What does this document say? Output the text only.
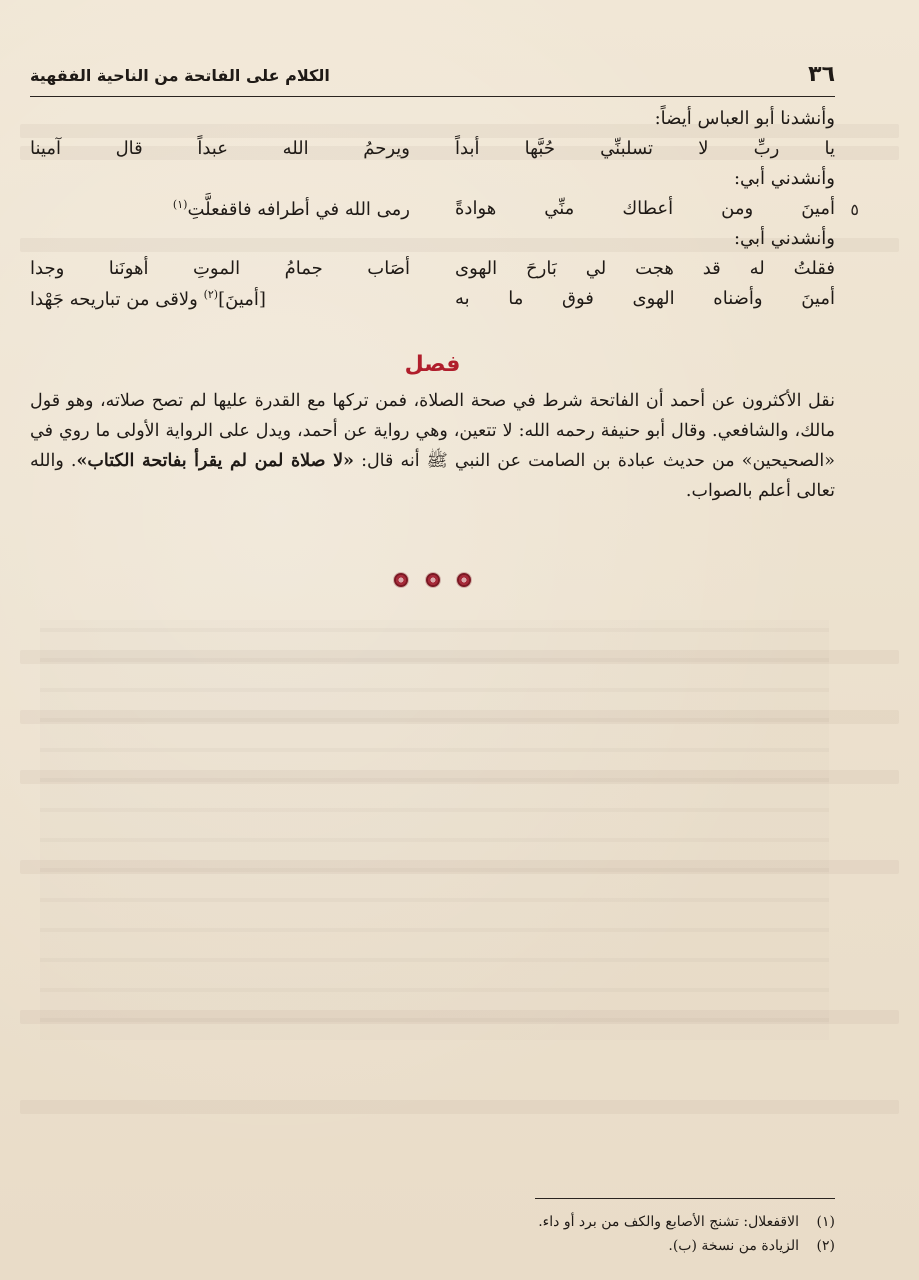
٣٦
الكلام على الفاتحة من الناحية الفقهية
وأنشدنا أبو العباس أيضاً:
يا ربِّ لا تسلبنِّي حُبَّها أبداً
ويرحمُ الله عبداً قال آمينا
وأنشدني أبي:
٥
أمينَ ومن أعطاك منِّي هوادةً
رمى الله في أطرافه فاقفعلَّتِ$^{(١)}$
وأنشدني أبي:
فقلتُ له قد هجت لي بَارحَ الهوى
أصَاب جمامُ الموتِ أهونَنا وجدا
أمينَ وأضناه الهوى فوق ما به
[أمينَ]$^{(٢)}$ ولاقى من تباريحه جَهْدا
فصل
نقل الأكثرون عن أحمد أن الفاتحة شرط في صحة الصلاة، فمن تركها مع القدرة عليها لم تصح صلاته، وهو قول مالك، والشافعي. وقال أبو حنيفة رحمه الله: لا تتعين، وهي رواية عن أحمد، ويدل على الرواية الأولى ما روي في «الصحيحين» من حديث عبادة بن الصامت عن النبي ﷺ أنه قال: «لا صلاة لمن لم يقرأ بفاتحة الكتاب». والله تعالى أعلم بالصواب.

(١)
الاقفعلال: تشنج الأصابع والكف من برد أو داء.
(٢)
الزيادة من نسخة (ب).
